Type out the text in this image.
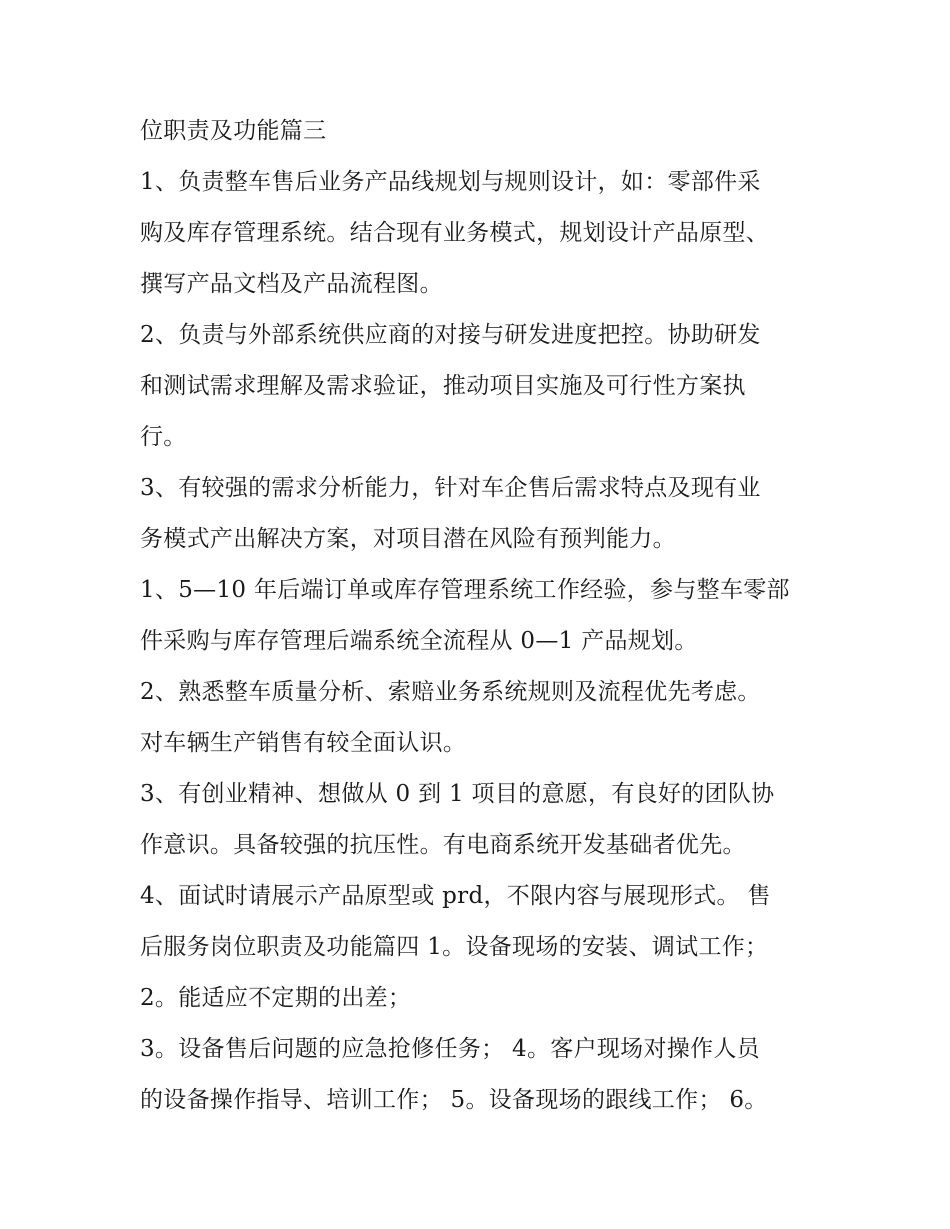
位职责及功能篇三
1、负责整车售后业务产品线规划与规则设计，如：零部件采
购及库存管理系统。结合现有业务模式，规划设计产品原型、
撰写产品文档及产品流程图。
2、负责与外部系统供应商的对接与研发进度把控。协助研发
和测试需求理解及需求验证，推动项目实施及可行性方案执
行。
3、有较强的需求分析能力，针对车企售后需求特点及现有业
务模式产出解决方案，对项目潜在风险有预判能力。
1、5—10 年后端订单或库存管理系统工作经验，参与整车零部
件采购与库存管理后端系统全流程从 0—1 产品规划。
2、熟悉整车质量分析、索赔业务系统规则及流程优先考虑。
对车辆生产销售有较全面认识。
3、有创业精神、想做从 0 到 1 项目的意愿，有良好的团队协
作意识。具备较强的抗压性。有电商系统开发基础者优先。
4、面试时请展示产品原型或 prd，不限内容与展现形式。 售
后服务岗位职责及功能篇四 1。设备现场的安装、调试工作；
2。能适应不定期的出差；
3。设备售后问题的应急抢修任务； 4。客户现场对操作人员
的设备操作指导、培训工作； 5。设备现场的跟线工作； 6。
